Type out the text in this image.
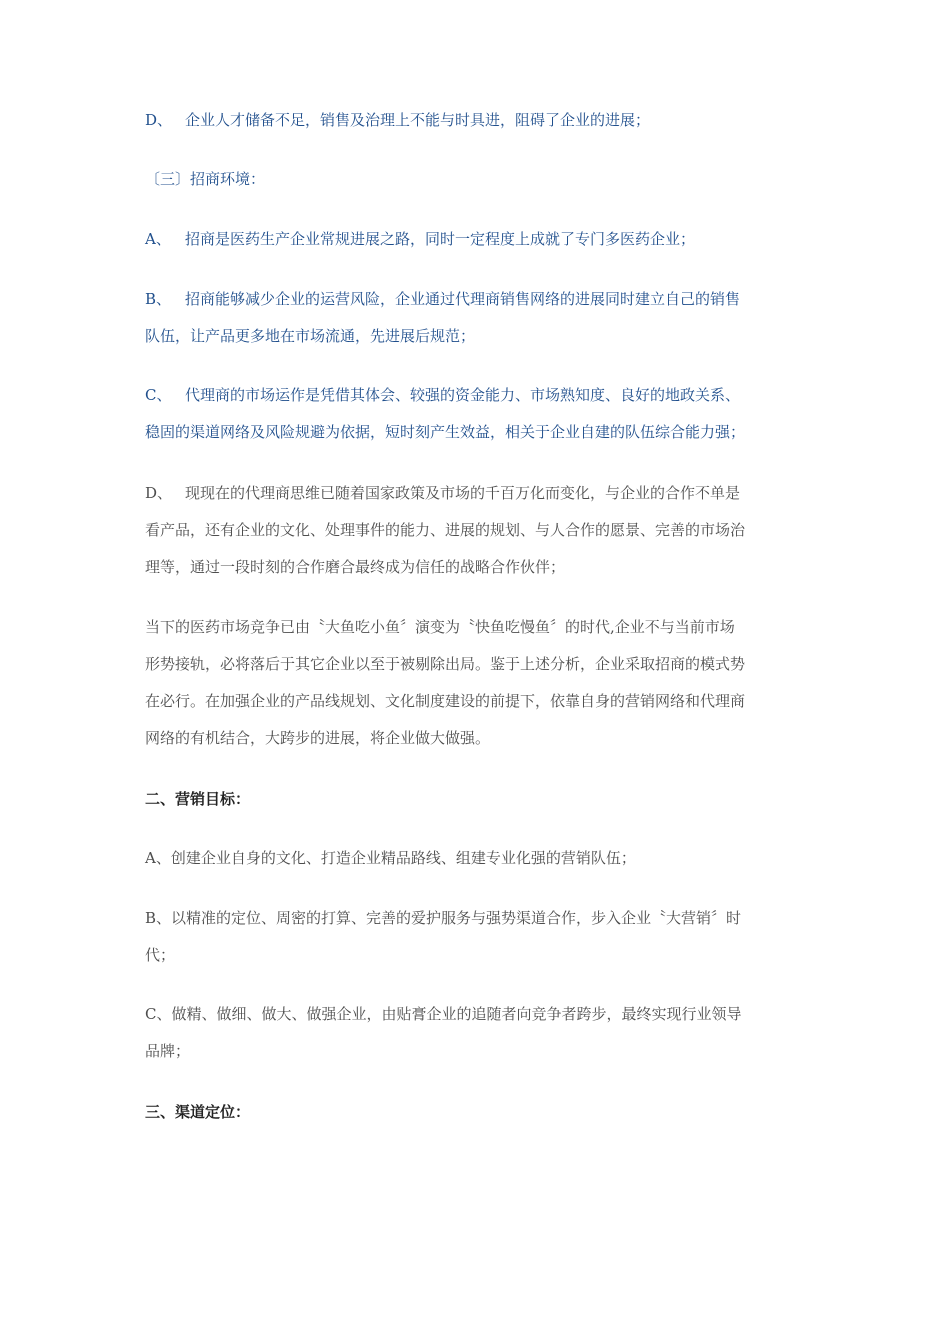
D、 企业人才储备不足，销售及治理上不能与时具进，阻碍了企业的进展；

〔三〕招商环境：

A、 招商是医药生产企业常规进展之路，同时一定程度上成就了专门多医药企业；

B、 招商能够减少企业的运营风险，企业通过代理商销售网络的进展同时建立自己的销售
队伍，让产品更多地在市场流通，先进展后规范；

C、 代理商的市场运作是凭借其体会、较强的资金能力、市场熟知度、良好的地政关系、
稳固的渠道网络及风险规避为依据，短时刻产生效益，相关于企业自建的队伍综合能力强；

D、 现现在的代理商思维已随着国家政策及市场的千百万化而变化，与企业的合作不单是
看产品，还有企业的文化、处理事件的能力、进展的规划、与人合作的愿景、完善的市场治
理等，通过一段时刻的合作磨合最终成为信任的战略合作伙伴；

当下的医药市场竞争已由〝大鱼吃小鱼〞演变为〝快鱼吃慢鱼〞的时代,企业不与当前市场
形势接轨，必将落后于其它企业以至于被剔除出局。鉴于上述分析，企业采取招商的模式势
在必行。在加强企业的产品线规划、文化制度建设的前提下，依靠自身的营销网络和代理商
网络的有机结合，大跨步的进展，将企业做大做强。

二、营销目标：

A、创建企业自身的文化、打造企业精品路线、组建专业化强的营销队伍；

B、以精准的定位、周密的打算、完善的爱护服务与强势渠道合作，步入企业〝大营销〞时
代；

C、做精、做细、做大、做强企业，由贴膏企业的追随者向竞争者跨步，最终实现行业领导
品牌；

三、渠道定位：
